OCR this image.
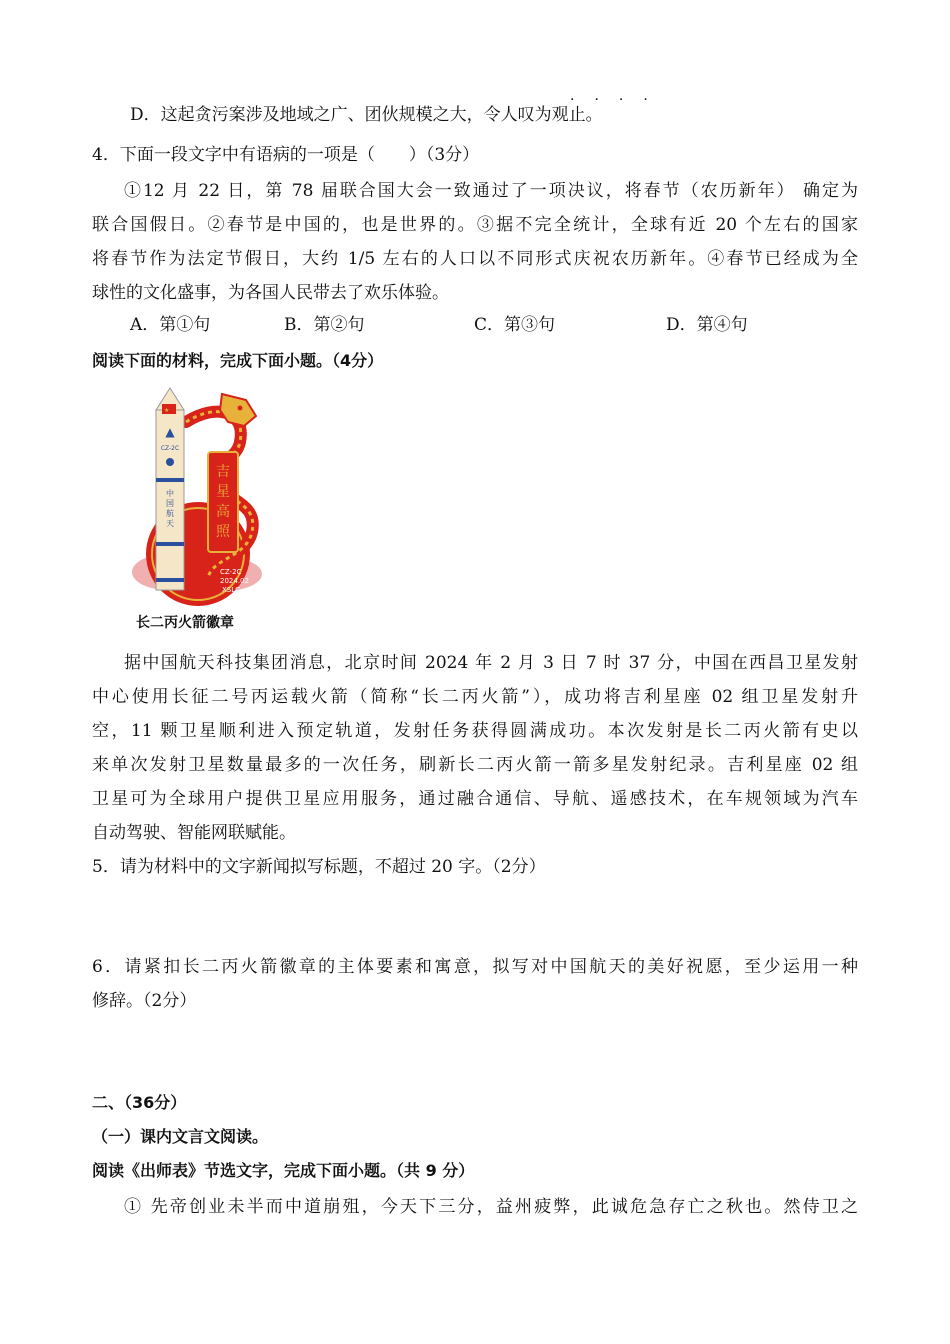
D．这起贪污案涉及地域之广、团伙规模之大，令人叹为观止。
····
4．下面一段文字中有语病的一项是（　　）（3分）
①12 月 22 日，第 78 届联合国大会一致通过了一项决议，将春节（农历新年） 确定为
联合国假日。②春节是中国的，也是世界的。③据不完全统计，全球有近 20 个左右的国家
将春节作为法定节假日，大约 1/5 左右的人口以不同形式庆祝农历新年。④春节已经成为全
球性的文化盛事，为各国人民带去了欢乐体验。
A．第①句	B．第②句	C．第③句	D．第④句
阅读下面的材料，完成下面小题。（4分）
吉
星
高
照
★
▲
CZ-2C
中
国
航
天
CZ-2C
2024.02
XSLC
长二丙火箭徽章
据中国航天科技集团消息，北京时间 2024 年 2 月 3 日 7 时 37 分，中国在西昌卫星发射
中心使用长征二号丙运载火箭（简称“长二丙火箭”），成功将吉利星座 02 组卫星发射升
空，11 颗卫星顺利进入预定轨道，发射任务获得圆满成功。本次发射是长二丙火箭有史以
来单次发射卫星数量最多的一次任务，刷新长二丙火箭一箭多星发射纪录。吉利星座 02 组
卫星可为全球用户提供卫星应用服务，通过融合通信、导航、遥感技术，在车规领域为汽车
自动驾驶、智能网联赋能。
5．请为材料中的文字新闻拟写标题，不超过 20 字。（2分）
6．请紧扣长二丙火箭徽章的主体要素和寓意，拟写对中国航天的美好祝愿，至少运用一种
修辞。（2分）
二、（36分）
（一）课内文言文阅读。
阅读《出师表》节选文字，完成下面小题。（共 9 分）
① 先帝创业未半而中道崩殂，今天下三分，益州疲弊，此诚危急存亡之秋也。然侍卫之
